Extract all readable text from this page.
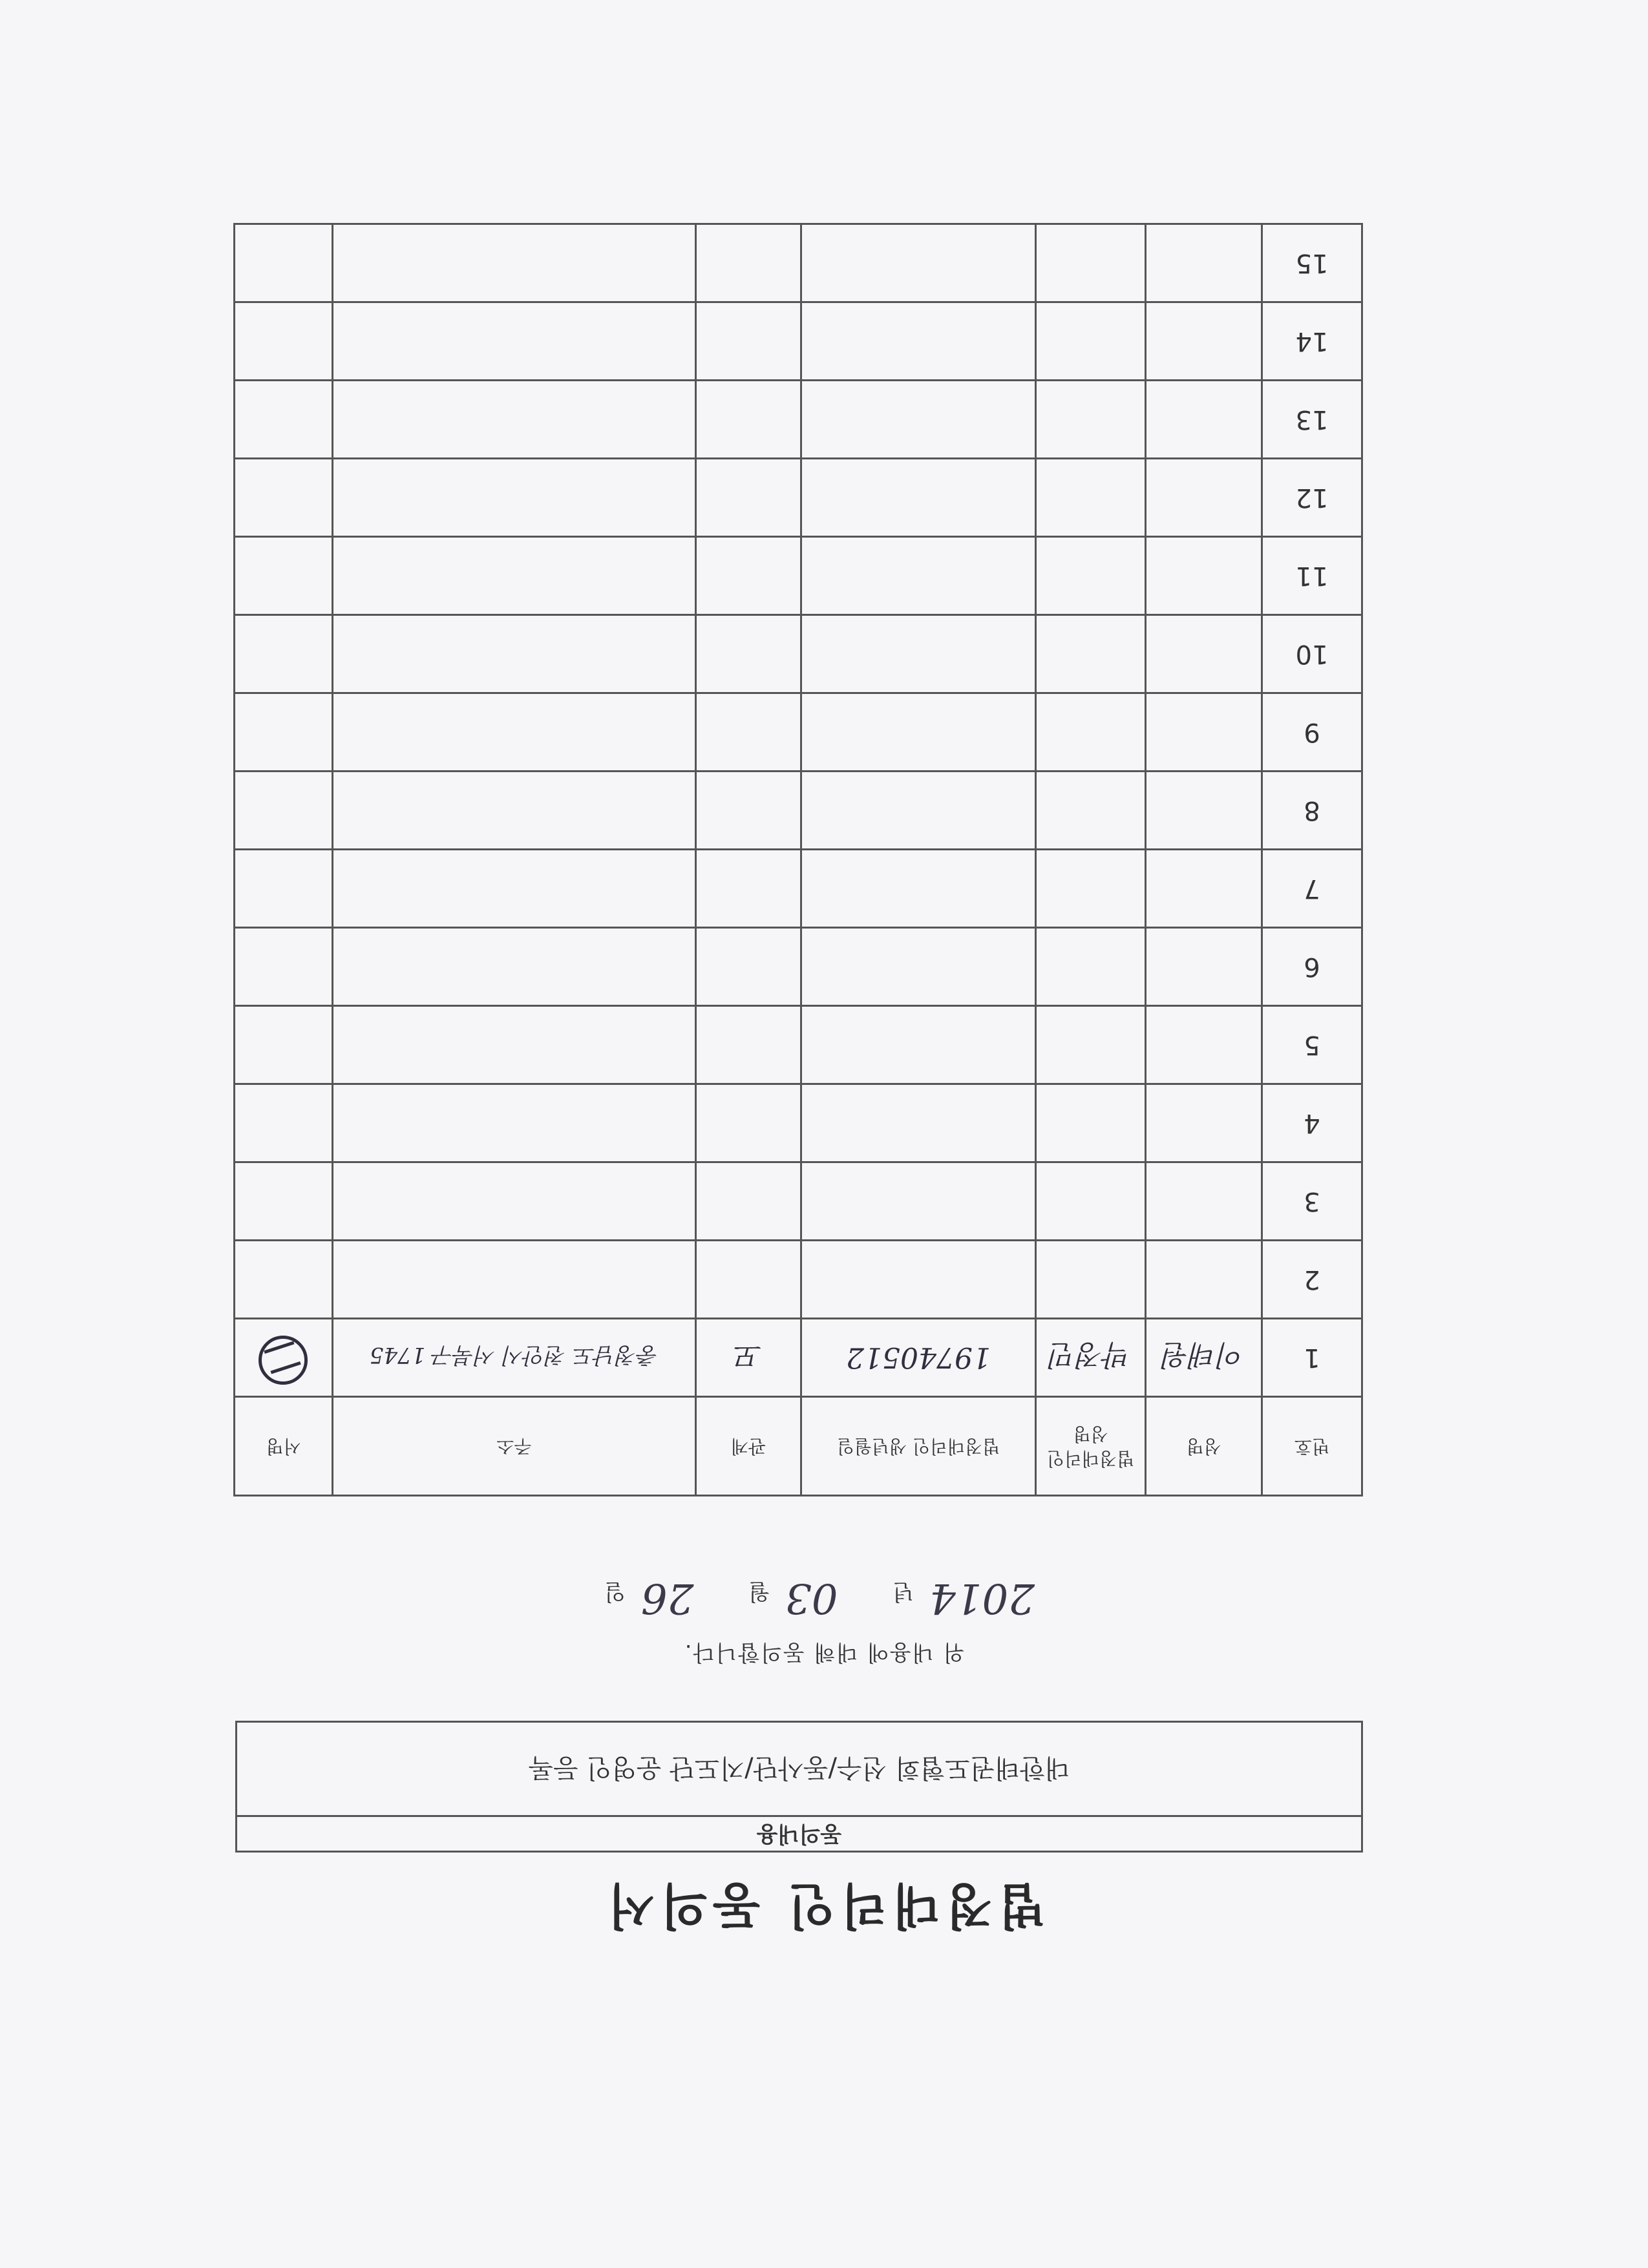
법정대리인 동의서
동의내용
대한태권도협회 선수/동사단/지도단 운영인 등록
위 내용에 대해 동의합니다.
2014년 03월 26일
번호	성명	법정대리인 성명	법정대리인 생년월일	관계	주소	서명
1	이태원	박정민	19740512	모	충청남도 천안시 서북구 1745	
2						
3						
4						
5						
6						
7						
8						
9						
10						
11						
12						
13						
14						
15						
